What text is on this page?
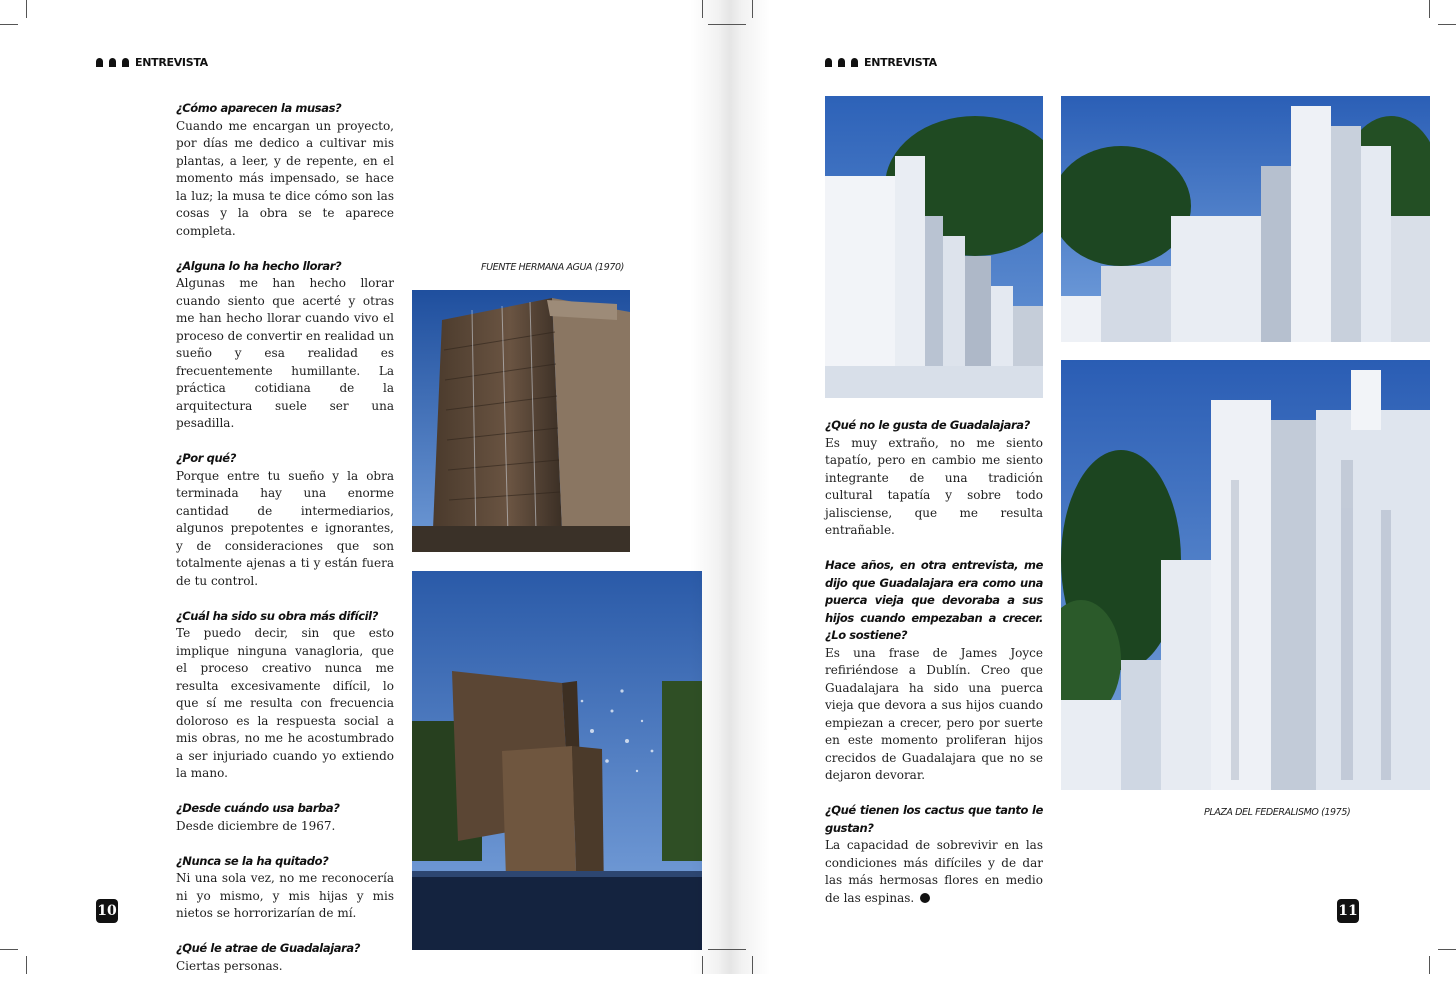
ENTREVISTA
¿Cómo aparecen la musas?
Cuando me encargan un proyecto, por días me dedico a cultivar mis plantas, a leer, y de repente, en el momento más impensado, se hace la luz; la musa te dice cómo son las cosas y la obra se te aparece completa.
¿Alguna lo ha hecho llorar?
Algunas me han hecho llorar cuando siento que acerté y otras me han hecho llorar cuando vivo el proceso de convertir en realidad un sueño y esa realidad es frecuentemente humillante. La práctica cotidiana de la arquitectura suele ser una pesadilla.
¿Por qué?
Porque entre tu sueño y la obra terminada hay una enorme cantidad de intermediarios, algunos prepotentes e ignorantes, y de consideraciones que son totalmente ajenas a ti y están fuera de tu control.
¿Cuál ha sido su obra más difícil?
Te puedo decir, sin que esto implique ninguna vanagloria, que el proceso creativo nunca me resulta excesivamente difícil, lo que sí me resulta con frecuencia doloroso es la respuesta social a mis obras, no me he acostumbrado a ser injuriado cuando yo extiendo la mano.
¿Desde cuándo usa barba?
Desde diciembre de 1967.
¿Nunca se la ha quitado?
Ni una sola vez, no me reconocería ni yo mismo, y mis hijas y mis nietos se horrorizarían de mí.
¿Qué le atrae de Guadalajara?
Ciertas personas.
FUENTE HERMANA AGUA (1970)
10
ENTREVISTA
¿Qué no le gusta de Guadalajara?
Es muy extraño, no me siento tapatío, pero en cambio me siento integrante de una tradición cultural tapatía y sobre todo jalisciense, que me resulta entrañable.
Hace años, en otra entrevista, me dijo que Guadalajara era como una puerca vieja que devoraba a sus hijos cuando empezaban a crecer. ¿Lo sostiene?
Es una frase de James Joyce refiriéndose a Dublín. Creo que Guadalajara ha sido una puerca vieja que devora a sus hijos cuando empiezan a crecer, pero por suerte en este momento proliferan hijos crecidos de Guadalajara que no se dejaron devorar.
¿Qué tienen los cactus que tanto le gustan?
La capacidad de sobrevivir en las condiciones más difíciles y de dar las más hermosas flores en medio de las espinas.
PLAZA DEL FEDERALISMO (1975)
11
